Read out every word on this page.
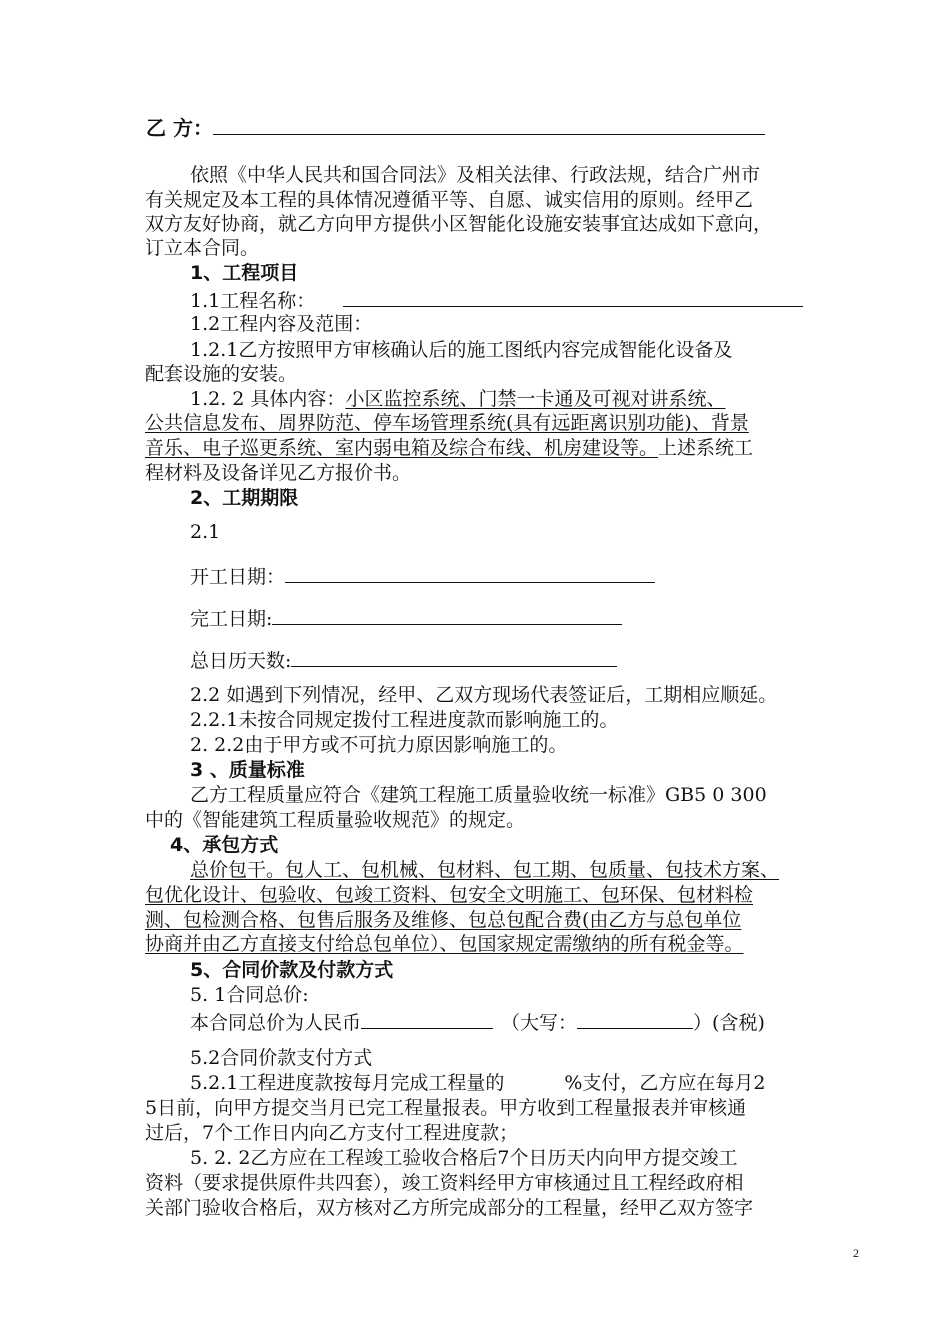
乙 方：
依照《中华人民共和国合同法》及相关法律、行政法规，结合广州市
有关规定及本工程的具体情况遵循平等、自愿、诚实信用的原则。经甲乙
双方友好协商，就乙方向甲方提供小区智能化设施安装事宜达成如下意向，
订立本合同。
1、工程项目
1.1工程名称：
1.2工程内容及范围：
1.2.1乙方按照甲方审核确认后的施工图纸内容完成智能化设备及
配套设施的安装。
1.2. 2 具体内容：小区监控系统、门禁一卡通及可视对讲系统、
公共信息发布、周界防范、停车场管理系统(具有远距离识别功能)、背景
音乐、电子巡更系统、室内弱电箱及综合布线、机房建设等。上述系统工
程材料及设备详见乙方报价书。
2、工期期限
2.1
开工日期：
完工日期:
总日历天数:
2.2 如遇到下列情况，经甲、乙双方现场代表签证后，工期相应顺延。
2.2.1未按合同规定拨付工程进度款而影响施工的。
2. 2.2由于甲方或不可抗力原因影响施工的。
3 、质量标准
乙方工程质量应符合《建筑工程施工质量验收统一标准》GB5 0 300
中的《智能建筑工程质量验收规范》的规定。
4、承包方式
总价包干。包人工、包机械、包材料、包工期、包质量、包技术方案、
包优化设计、包验收、包竣工资料、包安全文明施工、包环保、包材料检
测、包检测合格、包售后服务及维修、包总包配合费(由乙方与总包单位
协商并由乙方直接支付给总包单位）、包国家规定需缴纳的所有税金等。
5、合同价款及付款方式
5. 1合同总价:
本合同总价为人民币	（大写：	）(含税)
5.2合同价款支付方式
5.2.1工程进度款按每月完成工程量的	%支付，乙方应在每月2
5日前，向甲方提交当月已完工程量报表。甲方收到工程量报表并审核通
过后，7个工作日内向乙方支付工程进度款；
5. 2. 2乙方应在工程竣工验收合格后7个日历天内向甲方提交竣工
资料（要求提供原件共四套），竣工资料经甲方审核通过且工程经政府相
关部门验收合格后，双方核对乙方所完成部分的工程量，经甲乙双方签字
2
